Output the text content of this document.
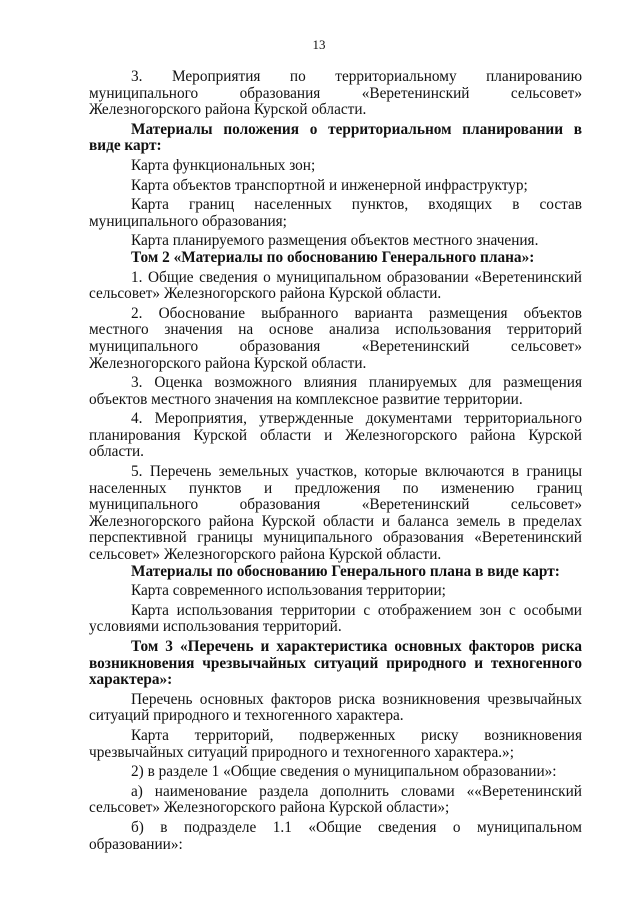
13

3. Мероприятия по территориальному планированию муниципального образования «Веретенинский сельсовет» Железногорского района Курской области.

Материалы положения о территориальном планировании в виде карт:

Карта функциональных зон;

Карта объектов транспортной и инженерной инфраструктур;

Карта границ населенных пунктов, входящих в состав муниципального образования;

Карта планируемого размещения объектов местного значения.

Том 2 «Материалы по обоснованию Генерального плана»:

1. Общие сведения о муниципальном образовании «Веретенинский сельсовет» Железногорского района Курской области.

2. Обоснование выбранного варианта размещения объектов местного значения на основе анализа использования территорий муниципального образования «Веретенинский сельсовет» Железногорского района Курской области.

3. Оценка возможного влияния планируемых для размещения объектов местного значения на комплексное развитие территории.

4. Мероприятия, утвержденные документами территориального планирования Курской области и Железногорского района Курской области.

5. Перечень земельных участков, которые включаются в границы населенных пунктов и предложения по изменению границ муниципального образования «Веретенинский сельсовет» Железногорского района Курской области и баланса земель в пределах перспективной границы муниципального образования «Веретенинский сельсовет» Железногорского района Курской области.

Материалы по обоснованию Генерального плана в виде карт:

Карта современного использования территории;

Карта использования территории с отображением зон с особыми условиями использования территорий.

Том 3 «Перечень и характеристика основных факторов риска возникновения чрезвычайных ситуаций природного и техногенного характера»:

Перечень основных факторов риска возникновения чрезвычайных ситуаций природного и техногенного характера.

Карта территорий, подверженных риску возникновения чрезвычайных ситуаций природного и техногенного характера.»;

2) в разделе 1 «Общие сведения о муниципальном образовании»:

а) наименование раздела дополнить словами ««Веретенинский сельсовет» Железногорского района Курской области»;

б) в подразделе 1.1 «Общие сведения о муниципальном образовании»:
